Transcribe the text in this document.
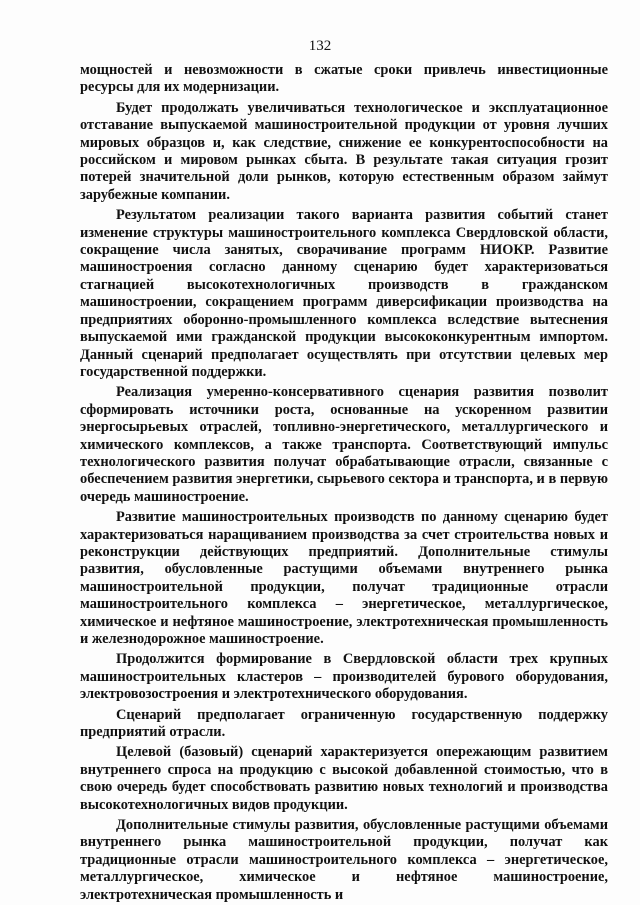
132

мощностей и невозможности в сжатые сроки привлечь инвестиционные ресурсы для их модернизации.

Будет продолжать увеличиваться технологическое и эксплуатационное отставание выпускаемой машиностроительной продукции от уровня лучших мировых образцов и, как следствие, снижение ее конкурентоспособности на российском и мировом рынках сбыта. В результате такая ситуация грозит потерей значительной доли рынков, которую естественным образом займут зарубежные компании.

Результатом реализации такого варианта развития событий станет изменение структуры машиностроительного комплекса Свердловской области, сокращение числа занятых, сворачивание программ НИОКР. Развитие машиностроения согласно данному сценарию будет характеризоваться стагнацией высокотехнологичных производств в гражданском машиностроении, сокращением программ диверсификации производства на предприятиях оборонно-промышленного комплекса вследствие вытеснения выпускаемой ими гражданской продукции высококонкурентным импортом. Данный сценарий предполагает осуществлять при отсутствии целевых мер государственной поддержки.

Реализация умеренно-консервативного сценария развития позволит сформировать источники роста, основанные на ускоренном развитии энергосырьевых отраслей, топливно-энергетического, металлургического и химического комплексов, а также транспорта. Соответствующий импульс технологического развития получат обрабатывающие отрасли, связанные с обеспечением развития энергетики, сырьевого сектора и транспорта, и в первую очередь машиностроение.

Развитие машиностроительных производств по данному сценарию будет характеризоваться наращиванием производства за счет строительства новых и реконструкции действующих предприятий. Дополнительные стимулы развития, обусловленные растущими объемами внутреннего рынка машиностроительной продукции, получат традиционные отрасли машиностроительного комплекса – энергетическое, металлургическое, химическое и нефтяное машиностроение, электротехническая промышленность и железнодорожное машиностроение.

Продолжится формирование в Свердловской области трех крупных машиностроительных кластеров – производителей бурового оборудования, электровозостроения и электротехнического оборудования.

Сценарий предполагает ограниченную государственную поддержку предприятий отрасли.

Целевой (базовый) сценарий характеризуется опережающим развитием внутреннего спроса на продукцию с высокой добавленной стоимостью, что в свою очередь будет способствовать развитию новых технологий и производства высокотехнологичных видов продукции.

Дополнительные стимулы развития, обусловленные растущими объемами внутреннего рынка машиностроительной продукции, получат как традиционные отрасли машиностроительного комплекса – энергетическое, металлургическое, химическое и нефтяное машиностроение, электротехническая промышленность и
